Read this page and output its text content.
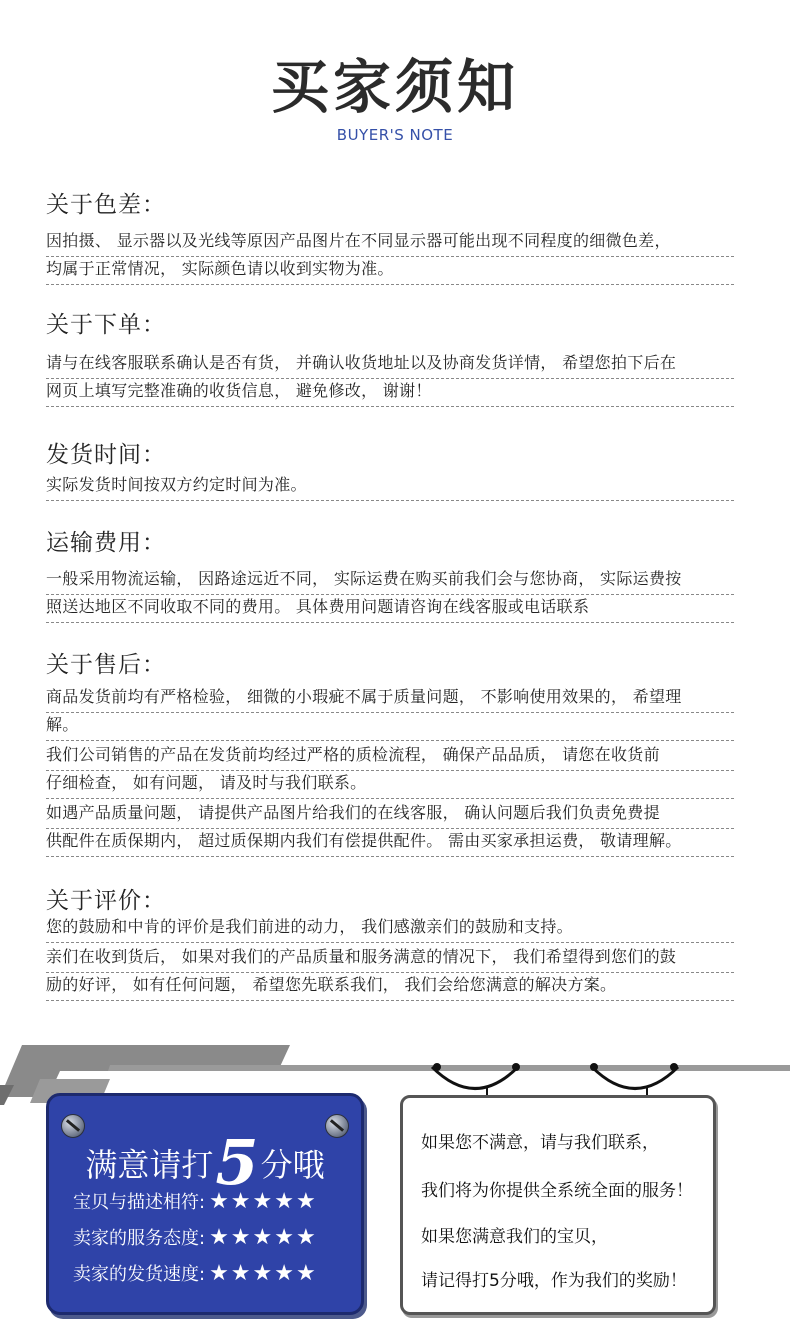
买家须知
BUYER'S NOTE
关于色差：
因拍摄、 显示器以及光线等原因产品图片在不同显示器可能出现不同程度的细微色差，
均属于正常情况， 实际颜色请以收到实物为准。
关于下单：
请与在线客服联系确认是否有货， 并确认收货地址以及协商发货详情， 希望您拍下后在
网页上填写完整准确的收货信息， 避免修改， 谢谢！
发货时间：
实际发货时间按双方约定时间为准。
运输费用：
一般采用物流运输， 因路途远近不同， 实际运费在购买前我们会与您协商， 实际运费按
照送达地区不同收取不同的费用。 具体费用问题请咨询在线客服或电话联系
关于售后：
商品发货前均有严格检验， 细微的小瑕疵不属于质量问题， 不影响使用效果的， 希望理
解。
我们公司销售的产品在发货前均经过严格的质检流程， 确保产品品质， 请您在收货前
仔细检查， 如有问题， 请及时与我们联系。
如遇产品质量问题， 请提供产品图片给我们的在线客服， 确认问题后我们负责免费提
供配件在质保期内， 超过质保期内我们有偿提供配件。 需由买家承担运费， 敬请理解。
关于评价：
您的鼓励和中肯的评价是我们前进的动力， 我们感激亲们的鼓励和支持。
亲们在收到货后， 如果对我们的产品质量和服务满意的情况下， 我们希望得到您们的鼓
励的好评， 如有任何问题， 希望您先联系我们， 我们会给您满意的解决方案。
满意请打5分哦
宝贝与描述相符: ★★★★★
卖家的服务态度: ★★★★★
卖家的发货速度: ★★★★★
如果您不满意，请与我们联系，
我们将为你提供全系统全面的服务！
如果您满意我们的宝贝，
请记得打5分哦，作为我们的奖励！
